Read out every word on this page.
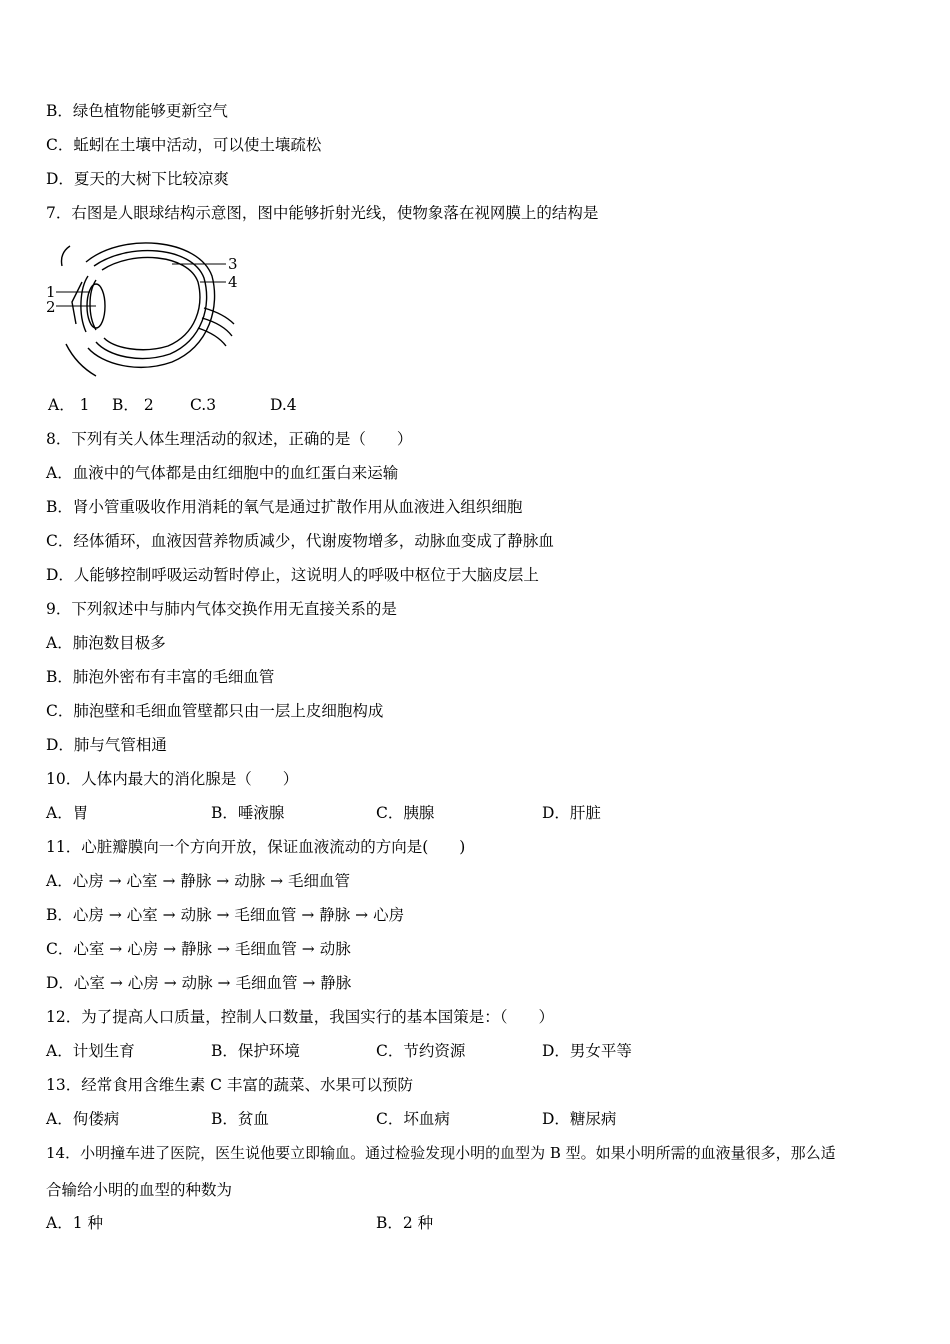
B．绿色植物能够更新空气
C．蚯蚓在土壤中活动，可以使土壤疏松
D．夏天的大树下比较凉爽
7．右图是人眼球结构示意图，图中能够折射光线，使物象落在视网膜上的结构是
1
2
3
4
A． 1 B． 2 C.3	D.4
8．下列有关人体生理活动的叙述，正确的是（　　）
A．血液中的气体都是由红细胞中的血红蛋白来运输
B．肾小管重吸收作用消耗的氧气是通过扩散作用从血液进入组织细胞
C．经体循环，血液因营养物质减少，代谢废物增多，动脉血变成了静脉血
D．人能够控制呼吸运动暂时停止，这说明人的呼吸中枢位于大脑皮层上
9．下列叙述中与肺内气体交换作用无直接关系的是
A．肺泡数目极多
B．肺泡外密布有丰富的毛细血管
C．肺泡壁和毛细血管壁都只由一层上皮细胞构成
D．肺与气管相通
10．人体内最大的消化腺是（　　）
A．胃	B．唾液腺	C．胰腺	D．肝脏
11．心脏瓣膜向一个方向开放，保证血液流动的方向是(　　)
A．心房 → 心室 → 静脉 → 动脉 → 毛细血管
B．心房 → 心室 → 动脉 → 毛细血管 → 静脉 → 心房
C．心室 → 心房 → 静脉 → 毛细血管 → 动脉
D．心室 → 心房 → 动脉 → 毛细血管 → 静脉
12．为了提高人口质量，控制人口数量，我国实行的基本国策是：（　　）
A．计划生育	B．保护环境	C．节约资源	D．男女平等
13．经常食用含维生素 C 丰富的蔬菜、水果可以预防
A．佝偻病	B．贫血	C．坏血病	D．糖尿病
14．小明撞车进了医院，医生说他要立即输血。通过检验发现小明的血型为 B 型。如果小明所需的血液量很多，那么适
合输给小明的血型的种数为
A．1 种	B．2 种
